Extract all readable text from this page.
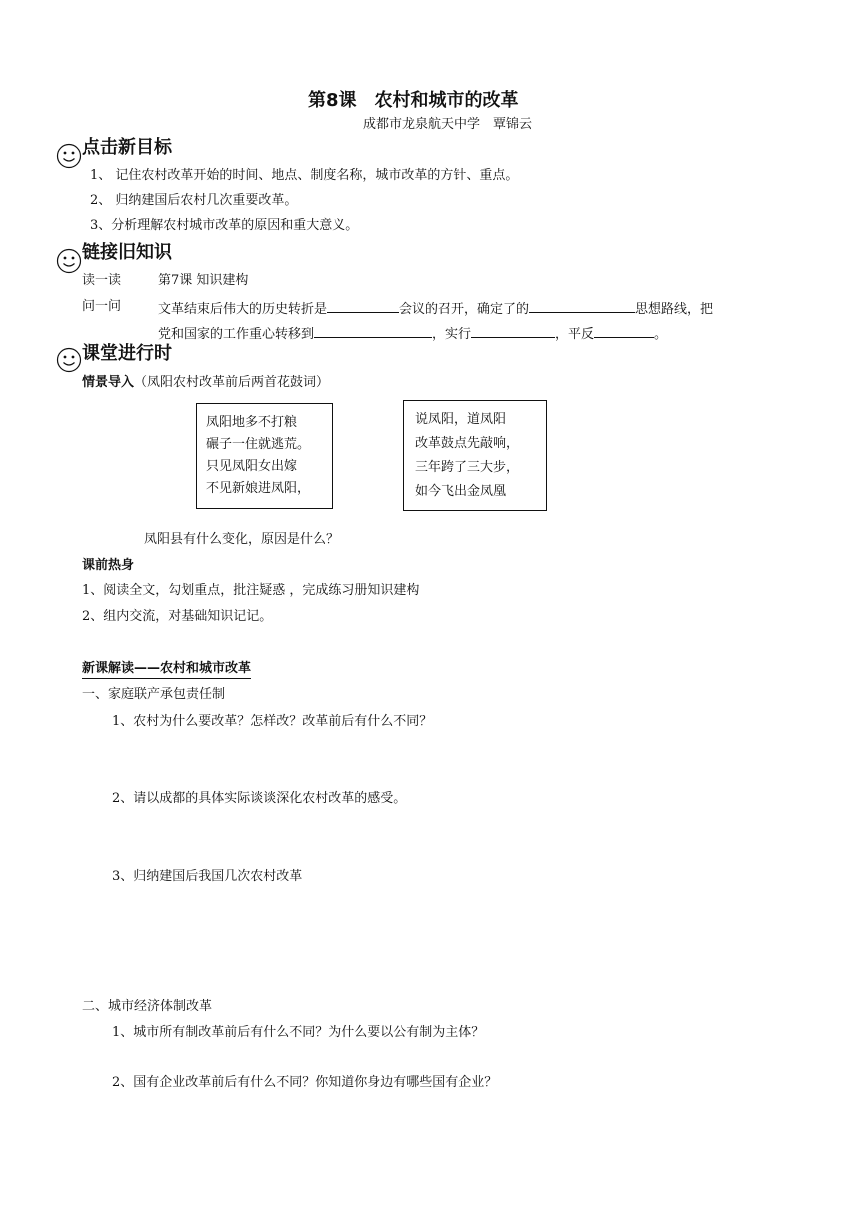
第8课　农村和城市的改革
成都市龙泉航天中学　覃锦云
点击新目标
1、 记住农村改革开始的时间、地点、制度名称，城市改革的方针、重点。
2、 归纳建国后农村几次重要改革。
3、分析理解农村城市改革的原因和重大意义。
链接旧知识
读一读	第7课 知识建构
问一问	文革结束后伟大的历史转折是	会议的召开，确定了的	思想路线，把
党和国家的工作重心转移到	，实行	，平反	。
课堂进行时
情景导入（凤阳农村改革前后两首花鼓词）
凤阳地多不打粮
碾子一住就逃荒。
只见凤阳女出嫁
不见新娘进凤阳，
说凤阳，道凤阳
改革鼓点先敲响，
三年跨了三大步，
如今飞出金凤凰
凤阳县有什么变化，原因是什么？
课前热身
1、阅读全文，勾划重点，批注疑惑 ，完成练习册知识建构
2、组内交流，对基础知识记记。
新课解读——农村和城市改革
一、家庭联产承包责任制
1、农村为什么要改革？怎样改？改革前后有什么不同？
2、请以成都的具体实际谈谈深化农村改革的感受。
3、归纳建国后我国几次农村改革
二、城市经济体制改革
1、城市所有制改革前后有什么不同？为什么要以公有制为主体？
2、国有企业改革前后有什么不同？你知道你身边有哪些国有企业？
